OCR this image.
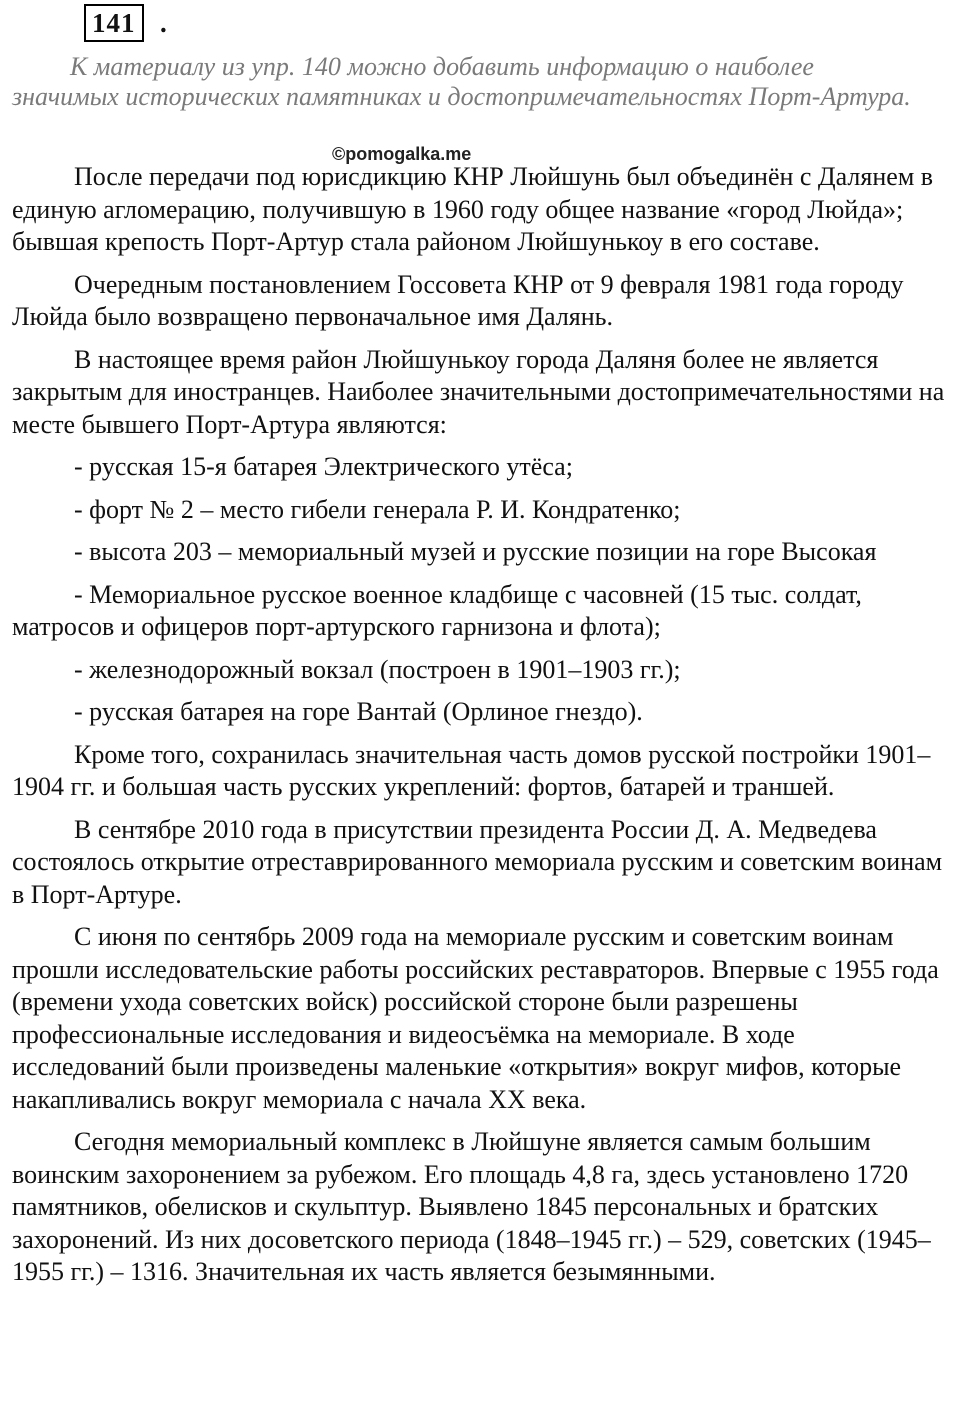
141 .

К материалу из упр. 140 можно добавить информацию о наиболее значимых исторических памятниках и достопримечательностях Порт-Артура.

©pomogalka.me

После передачи под юрисдикцию КНР Люйшунь был объединён с Далянем в единую агломерацию, получившую в 1960 году общее название «город Люйда»; бывшая крепость Порт-Артур стала районом Люйшунькоу в его составе.

Очередным постановлением Госсовета КНР от 9 февраля 1981 года городу Люйда было возвращено первоначальное имя Далянь.

В настоящее время район Люйшунькоу города Даляня более не является закрытым для иностранцев. Наиболее значительными достопримечательностями на месте бывшего Порт-Артура являются:

- русская 15-я батарея Электрического утёса;

- форт № 2 – место гибели генерала Р. И. Кондратенко;

- высота 203 – мемориальный музей и русские позиции на горе Высокая

- Мемориальное русское военное кладбище с часовней (15 тыс. солдат, матросов и офицеров порт-артурского гарнизона и флота);

- железнодорожный вокзал (построен в 1901–1903 гг.);

- русская батарея на горе Вантай (Орлиное гнездо).

Кроме того, сохранилась значительная часть домов русской постройки 1901–1904 гг. и большая часть русских укреплений: фортов, батарей и траншей.

В сентябре 2010 года в присутствии президента России Д. А. Медведева состоялось открытие отреставрированного мемориала русским и советским воинам в Порт-Артуре.

С июня по сентябрь 2009 года на мемориале русским и советским воинам прошли исследовательские работы российских реставраторов. Впервые с 1955 года (времени ухода советских войск) российской стороне были разрешены профессиональные исследования и видеосъёмка на мемориале. В ходе исследований были произведены маленькие «открытия» вокруг мифов, которые накапливались вокруг мемориала с начала XX века.

Сегодня мемориальный комплекс в Люйшуне является самым большим воинским захоронением за рубежом. Его площадь 4,8 га, здесь установлено 1720 памятников, обелисков и скульптур. Выявлено 1845 персональных и братских захоронений. Из них досоветского периода (1848–1945 гг.) – 529, советских (1945–1955 гг.) – 1316. Значительная их часть является безымянными.
